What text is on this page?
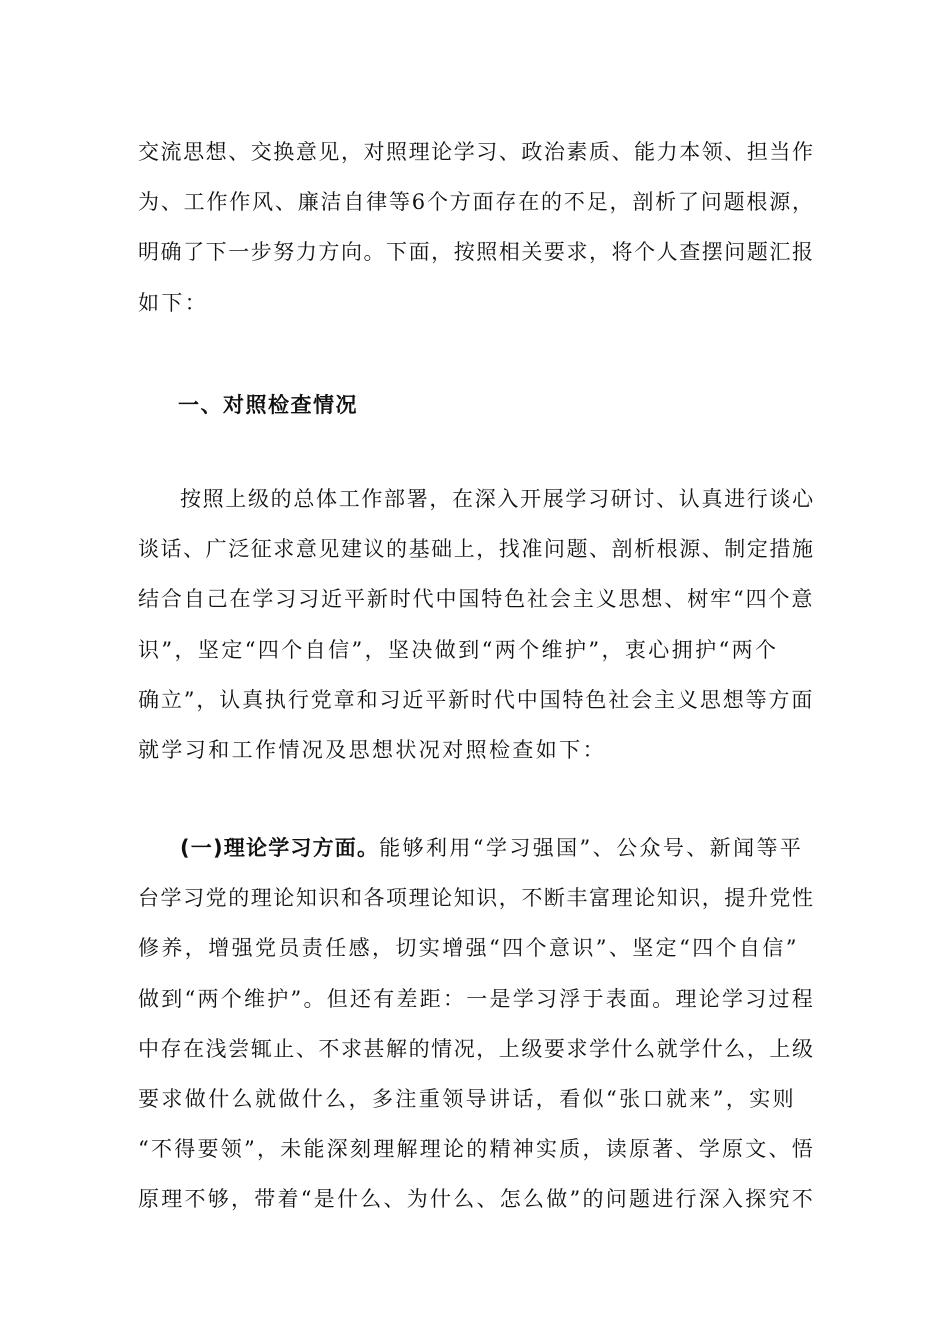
交流思想、交换意见，对照理论学习、政治素质、能力本领、担当作
为、工作作风、廉洁自律等6个方面存在的不足，剖析了问题根源，
明确了下一步努力方向。下面，按照相关要求，将个人查摆问题汇报
如下：
一、对照检查情况
按照上级的总体工作部署，在深入开展学习研讨、认真进行谈心
谈话、广泛征求意见建议的基础上，找准问题、剖析根源、制定措施
结合自己在学习习近平新时代中国特色社会主义思想、树牢“四个意
识”，坚定“四个自信”，坚决做到“两个维护”，衷心拥护“两个
确立”，认真执行党章和习近平新时代中国特色社会主义思想等方面
就学习和工作情况及思想状况对照检查如下：
(一)理论学习方面。能够利用“学习强国”、公众号、新闻等平
台学习党的理论知识和各项理论知识，不断丰富理论知识，提升党性
修养，增强党员责任感，切实增强“四个意识”、坚定“四个自信”
做到“两个维护”。但还有差距：一是学习浮于表面。理论学习过程
中存在浅尝辄止、不求甚解的情况，上级要求学什么就学什么，上级
要求做什么就做什么，多注重领导讲话，看似“张口就来”，实则
“不得要领”，未能深刻理解理论的精神实质，读原著、学原文、悟
原理不够，带着“是什么、为什么、怎么做”的问题进行深入探究不
